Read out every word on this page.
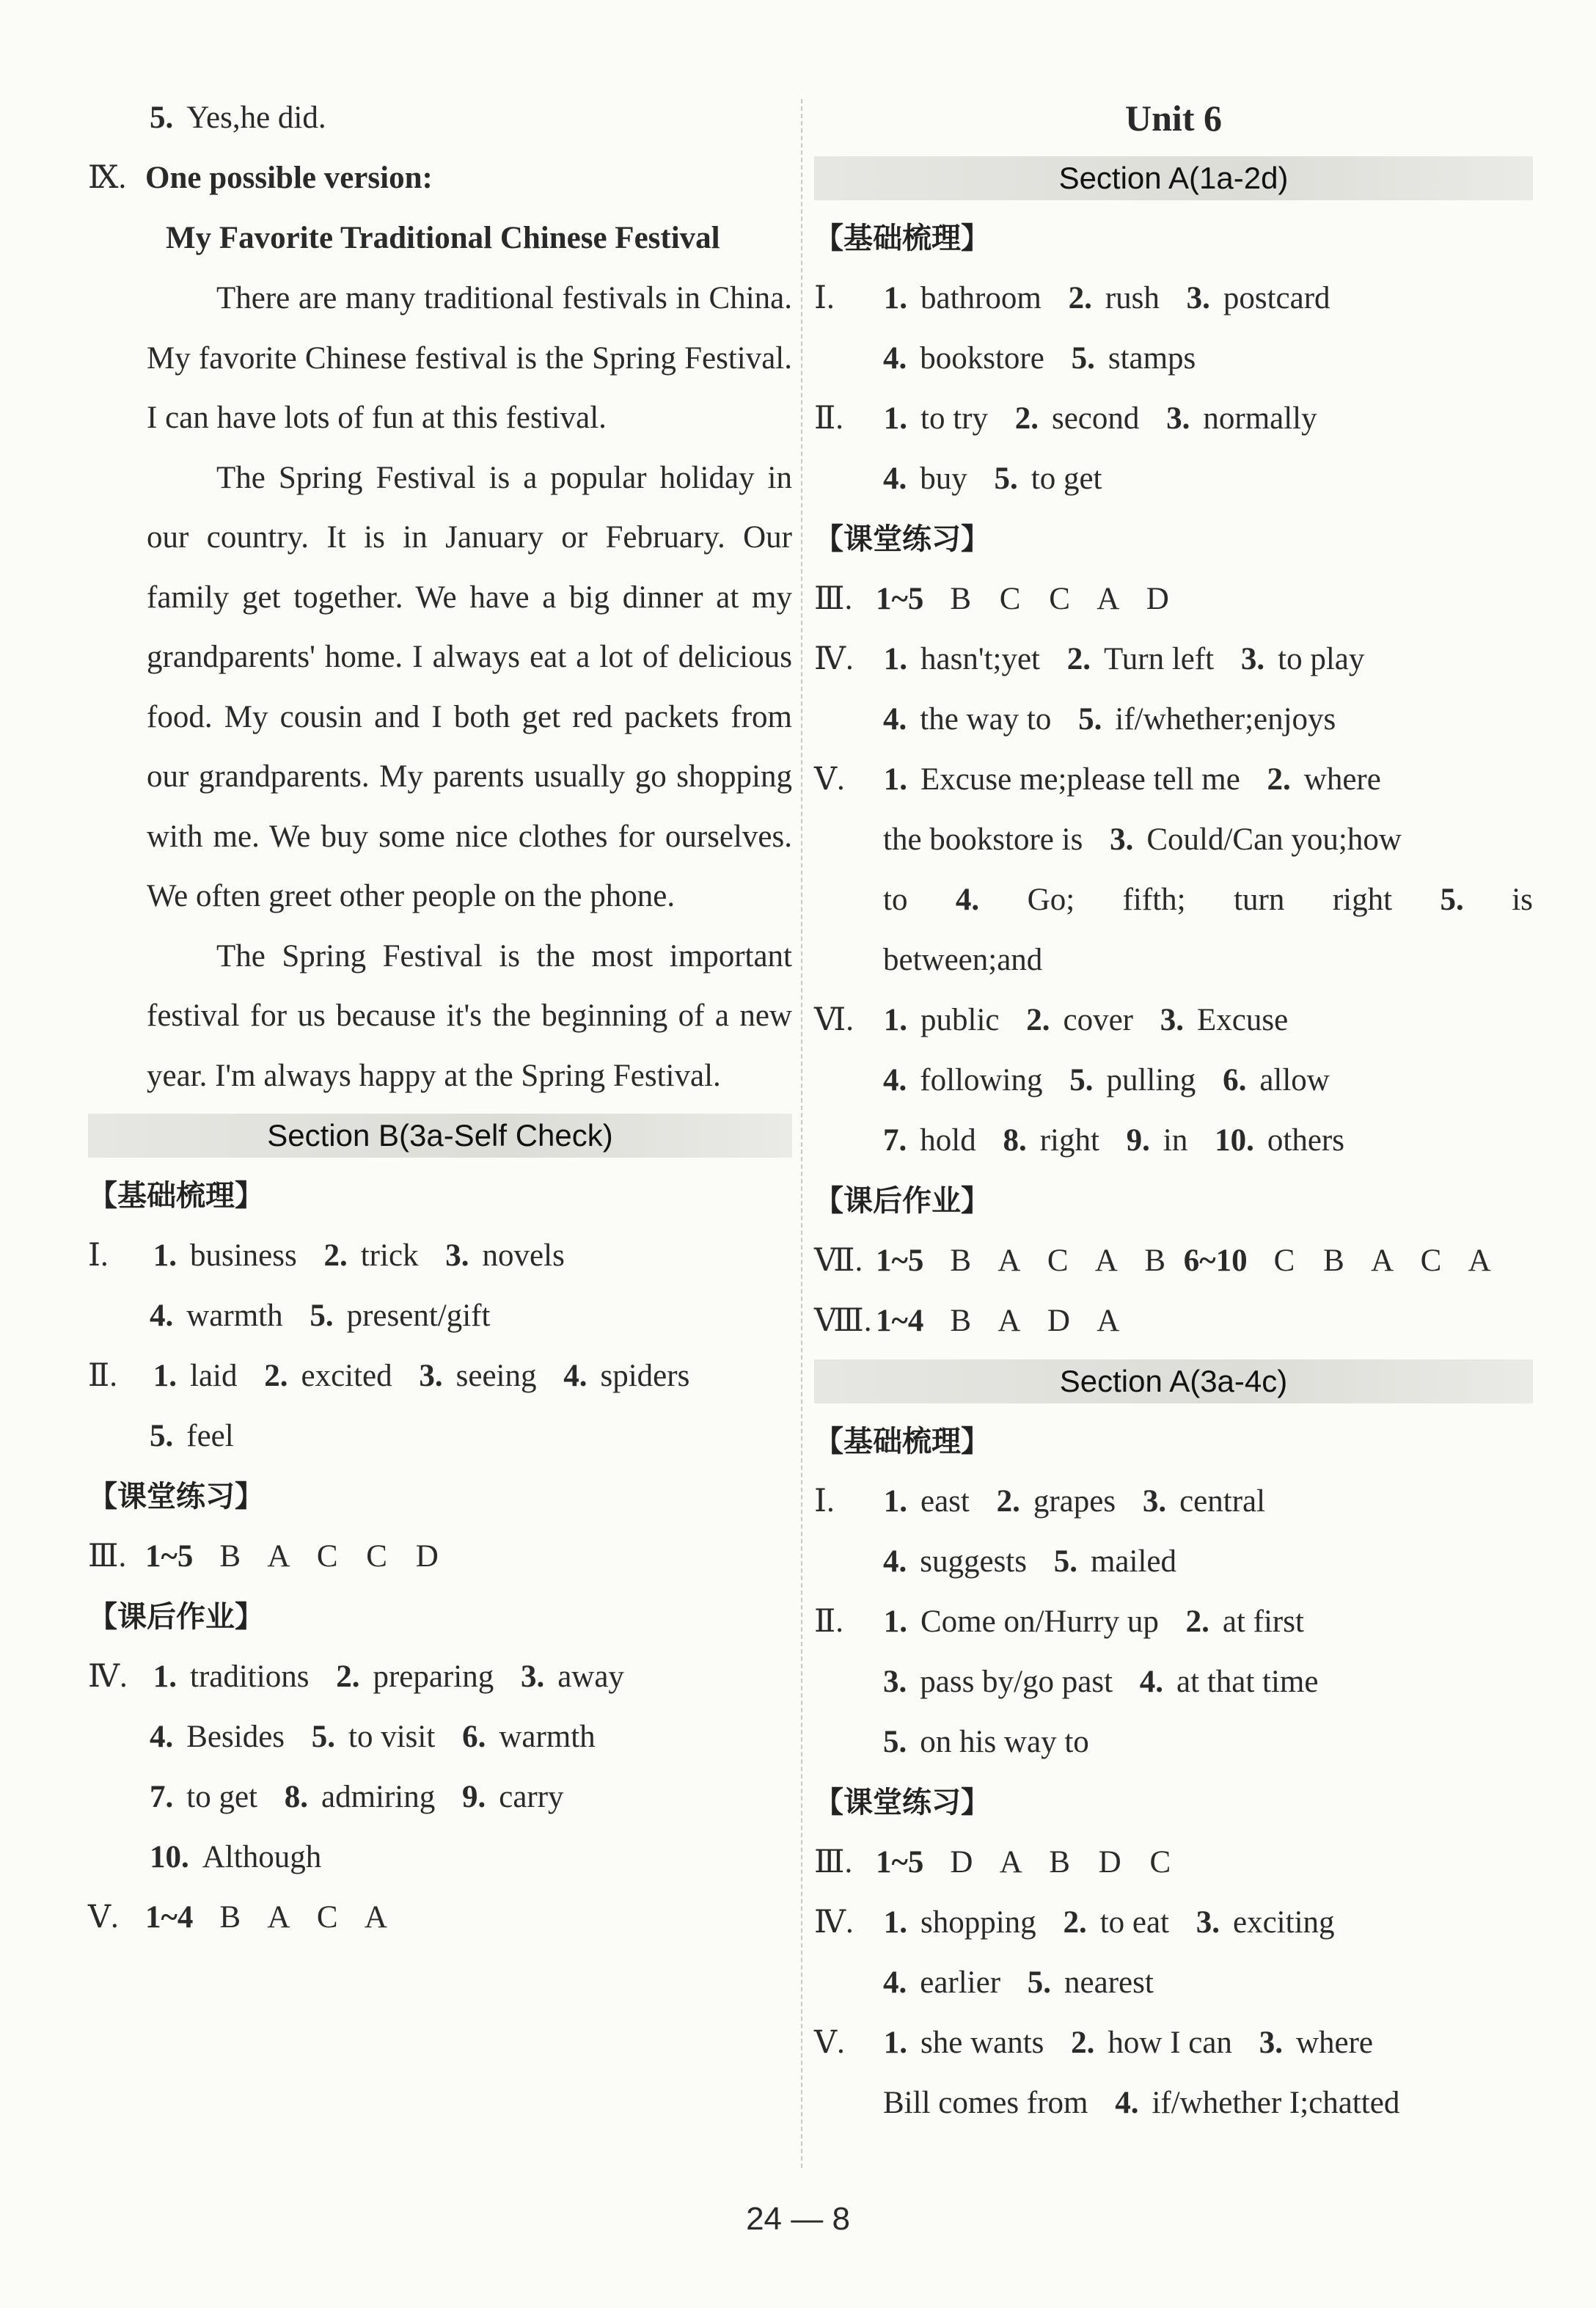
5. Yes,he did.
Ⅸ. One possible version:
My Favorite Traditional Chinese Festival

There are many traditional festivals in China. My favorite Chinese festival is the Spring Festival. I can have lots of fun at this festival.

The Spring Festival is a popular holiday in our country. It is in January or February. Our family get together. We have a big dinner at my grandparents' home. I always eat a lot of delicious food. My cousin and I both get red packets from our grandparents. My parents usually go shopping with me. We buy some nice clothes for ourselves. We often greet other people on the phone.

The Spring Festival is the most important festival for us because it's the beginning of a new year. I'm always happy at the Spring Festival.

Section B(3a-Self Check)
【基础梳理】
Ⅰ. 1. business 2. trick 3. novels
4. warmth 5. present/gift
Ⅱ. 1. laid 2. excited 3. seeing 4. spiders
5. feel
【课堂练习】
Ⅲ. 1~5 B A C C D
【课后作业】
Ⅳ. 1. traditions 2. preparing 3. away
4. Besides 5. to visit 6. warmth
7. to get 8. admiring 9. carry
10. Although
Ⅴ. 1~4 B A C A
Unit 6
Section A(1a-2d)
【基础梳理】
Ⅰ. 1. bathroom 2. rush 3. postcard
4. bookstore 5. stamps
Ⅱ. 1. to try 2. second 3. normally
4. buy 5. to get
【课堂练习】
Ⅲ. 1~5 B C C A D
Ⅳ. 1. hasn't;yet 2. Turn left 3. to play
4. the way to 5. if/whether;enjoys
Ⅴ. 1. Excuse me;please tell me 2. where
the bookstore is 3. Could/Can you;how
to 4. Go; fifth; turn right 5. is
between;and
Ⅵ. 1. public 2. cover 3. Excuse
4. following 5. pulling 6. allow
7. hold 8. right 9. in 10. others
【课后作业】
Ⅶ. 1~5 B A C A B 6~10 C B A C A
Ⅷ. 1~4 B A D A
Section A(3a-4c)
【基础梳理】
Ⅰ. 1. east 2. grapes 3. central
4. suggests 5. mailed
Ⅱ. 1. Come on/Hurry up 2. at first
3. pass by/go past 4. at that time
5. on his way to
【课堂练习】
Ⅲ. 1~5 D A B D C
Ⅳ. 1. shopping 2. to eat 3. exciting
4. earlier 5. nearest
Ⅴ. 1. she wants 2. how I can 3. where
Bill comes from 4. if/whether I;chatted
24 — 8
